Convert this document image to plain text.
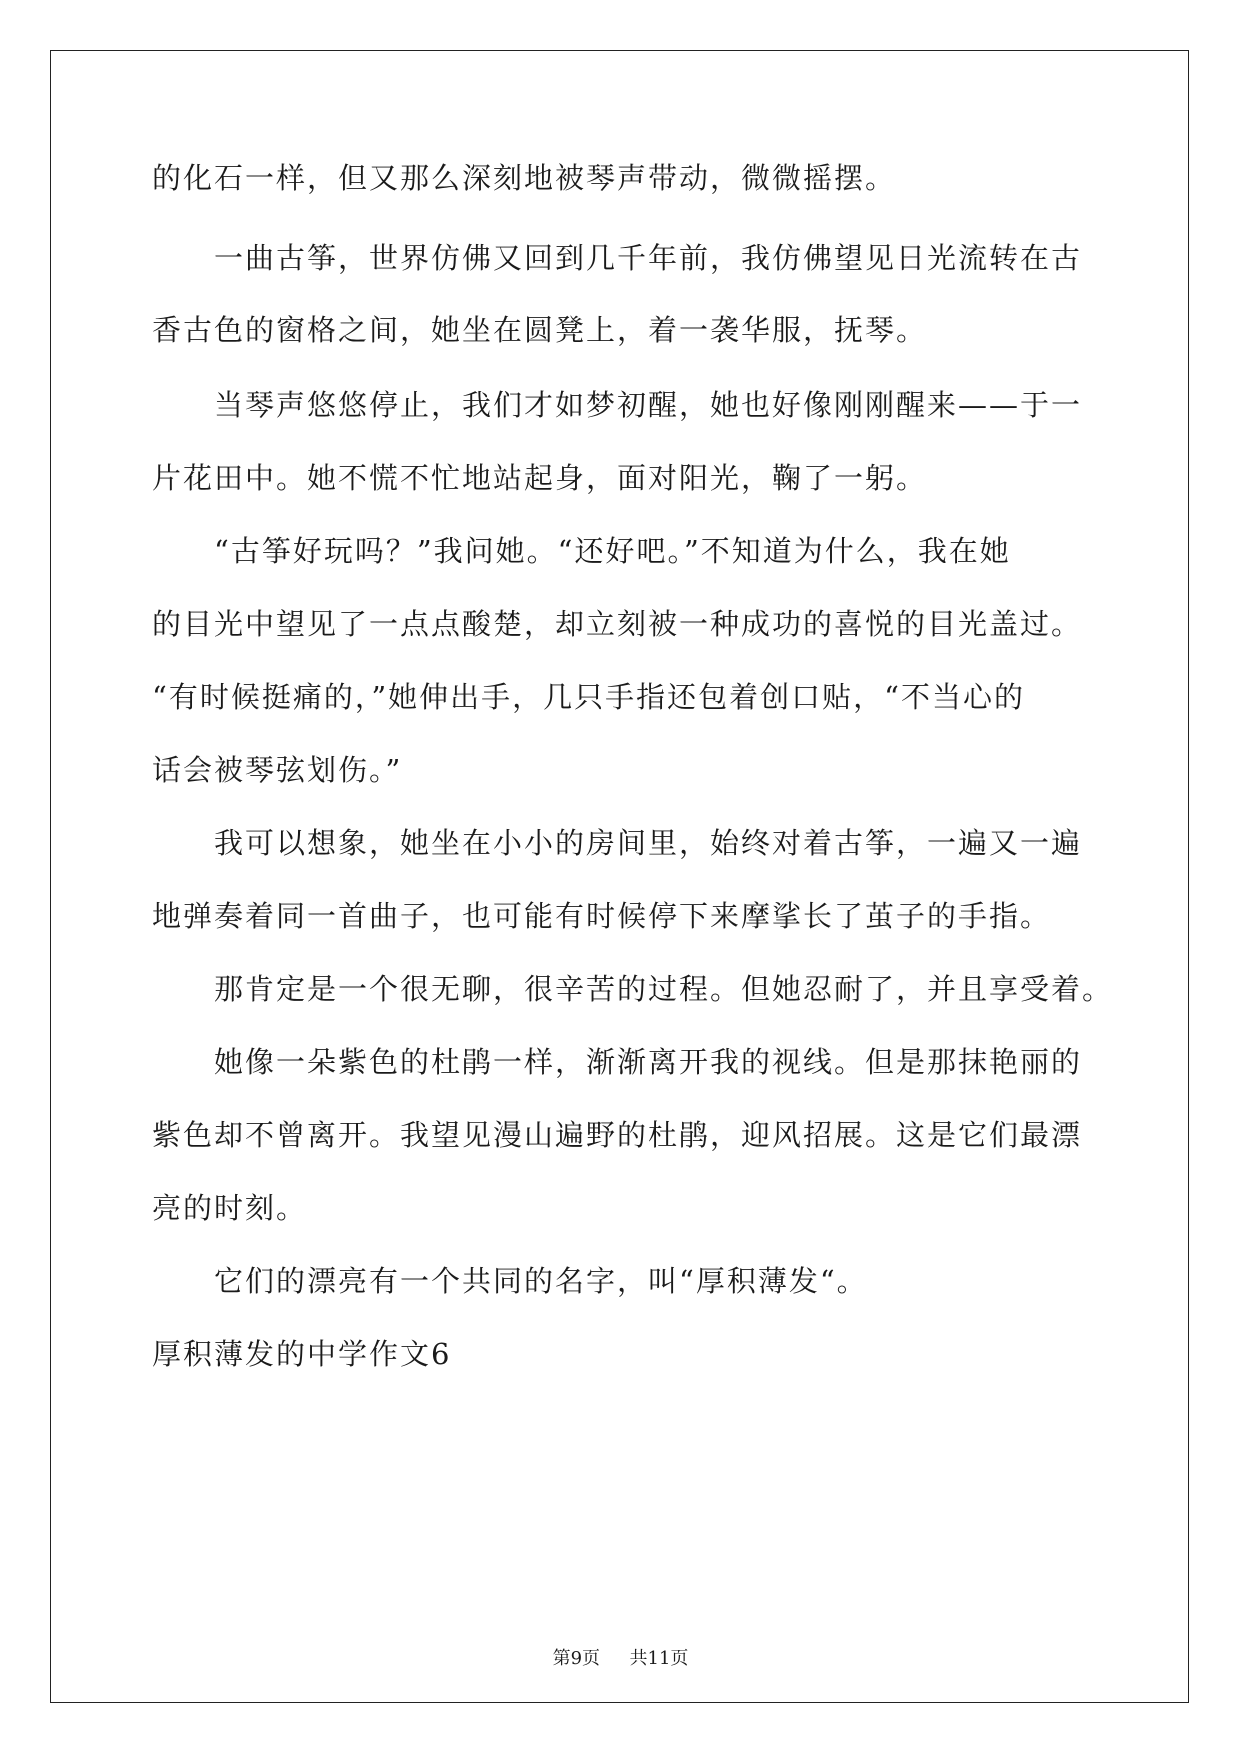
的化石一样，但又那么深刻地被琴声带动，微微摇摆。
一曲古筝，世界仿佛又回到几千年前，我仿佛望见日光流转在古
香古色的窗格之间，她坐在圆凳上，着一袭华服，抚琴。
当琴声悠悠停止，我们才如梦初醒，她也好像刚刚醒来——于一
片花田中。她不慌不忙地站起身，面对阳光，鞠了一躬。
“古筝好玩吗？”我问她。“还好吧。”不知道为什么，我在她
的目光中望见了一点点酸楚，却立刻被一种成功的喜悦的目光盖过。
“有时候挺痛的，”她伸出手，几只手指还包着创口贴，“不当心的
话会被琴弦划伤。”
我可以想象，她坐在小小的房间里，始终对着古筝，一遍又一遍
地弹奏着同一首曲子，也可能有时候停下来摩挲长了茧子的手指。
那肯定是一个很无聊，很辛苦的过程。但她忍耐了，并且享受着。
她像一朵紫色的杜鹃一样，渐渐离开我的视线。但是那抹艳丽的
紫色却不曾离开。我望见漫山遍野的杜鹃，迎风招展。这是它们最漂
亮的时刻。
它们的漂亮有一个共同的名字，叫“厚积薄发“。
厚积薄发的中学作文6
第9页 共11页
